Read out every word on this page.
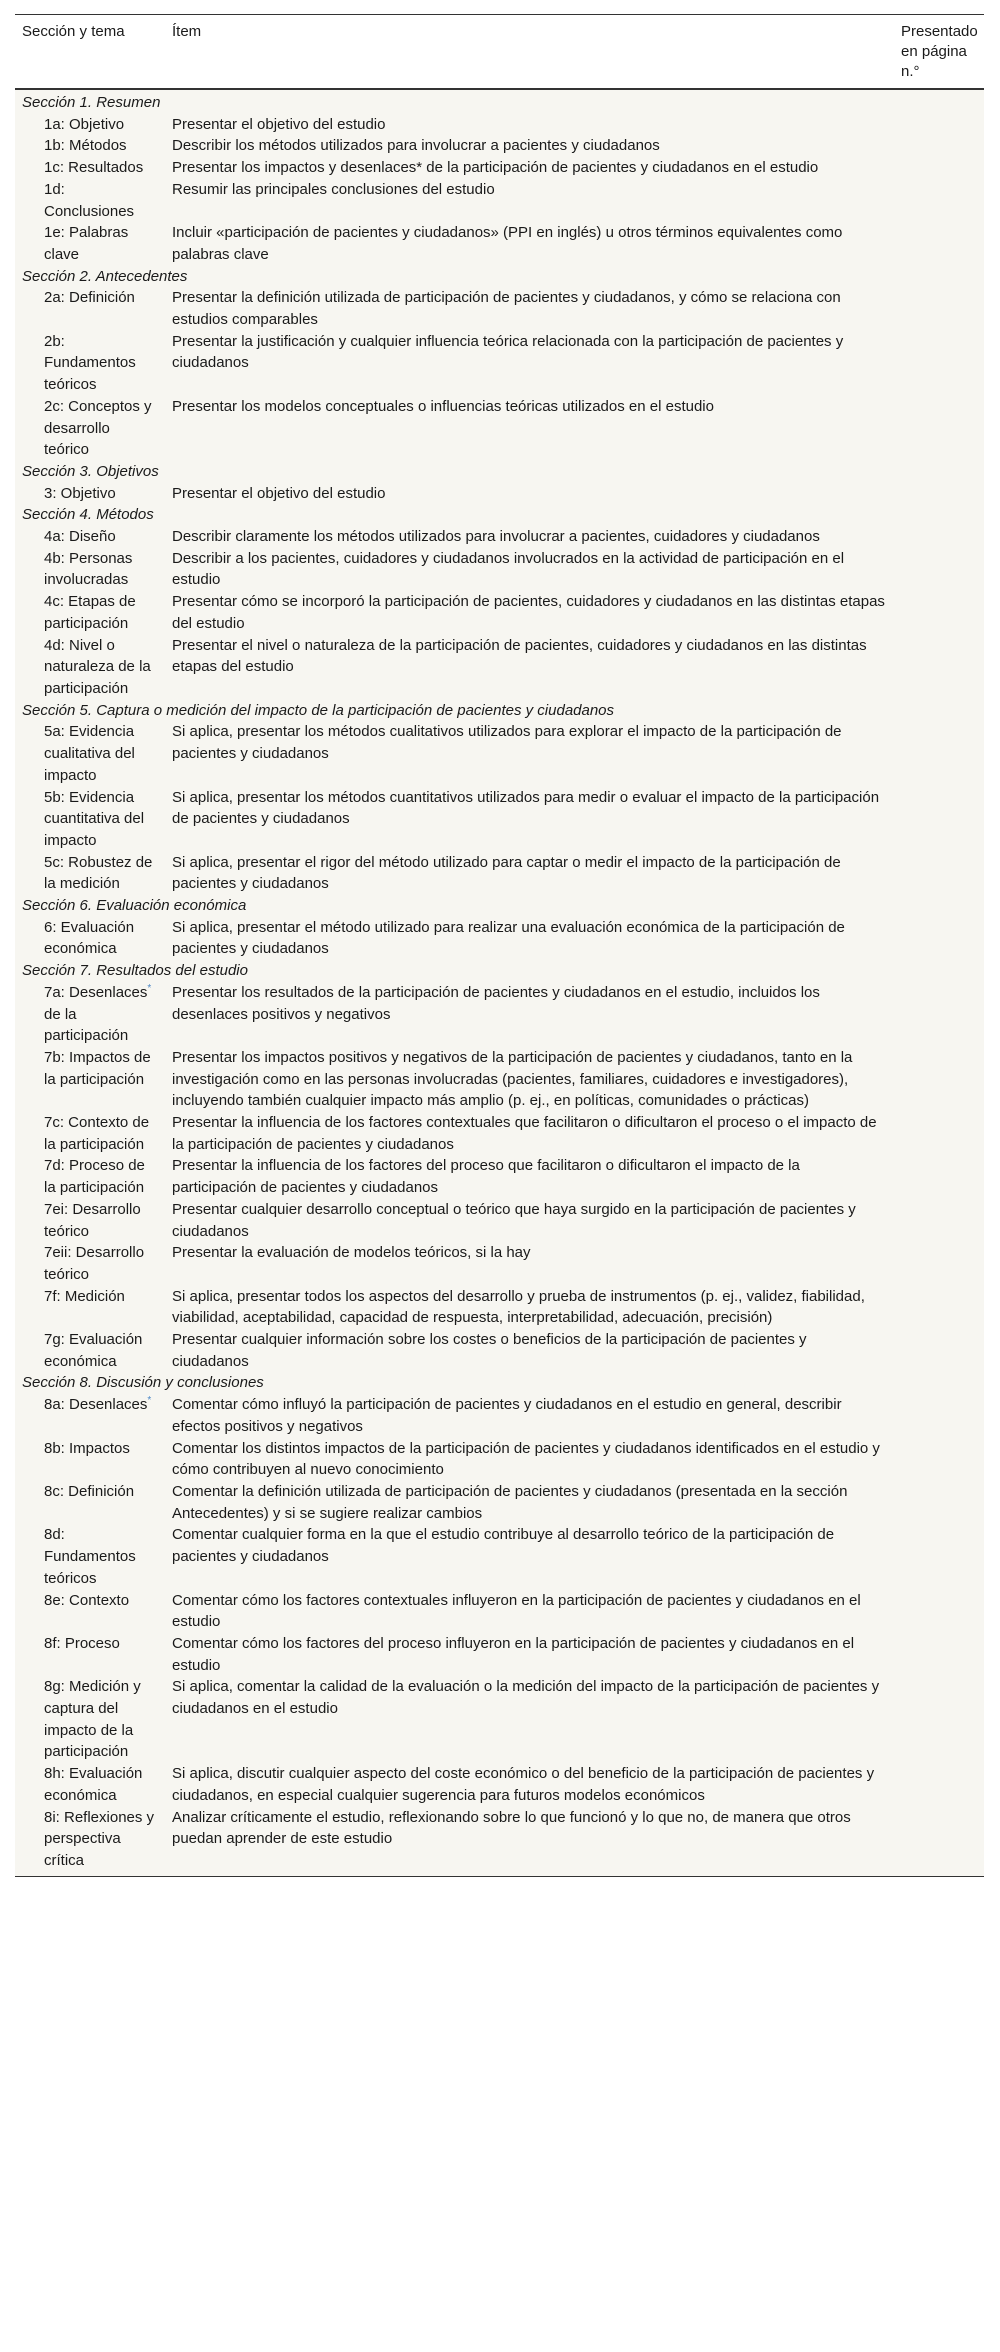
Sección y tema	Ítem	Presentado en página n.°
Sección 1. Resumen		
1a: Objetivo	Presentar el objetivo del estudio	
1b: Métodos	Describir los métodos utilizados para involucrar a pacientes y ciudadanos	
1c: Resultados	Presentar los impactos y desenlaces* de la participación de pacientes y ciudadanos en el estudio	
1d: Conclusiones	Resumir las principales conclusiones del estudio	
1e: Palabras clave	Incluir «participación de pacientes y ciudadanos» (PPI en inglés) u otros términos equivalentes como palabras clave	
Sección 2. Antecedentes		
2a: Definición	Presentar la definición utilizada de participación de pacientes y ciudadanos, y cómo se relaciona con estudios comparables	
2b: Fundamentos teóricos	Presentar la justificación y cualquier influencia teórica relacionada con la participación de pacientes y ciudadanos	
2c: Conceptos y desarrollo teórico	Presentar los modelos conceptuales o influencias teóricas utilizados en el estudio	
Sección 3. Objetivos		
3: Objetivo	Presentar el objetivo del estudio	
Sección 4. Métodos		
4a: Diseño	Describir claramente los métodos utilizados para involucrar a pacientes, cuidadores y ciudadanos	
4b: Personas involucradas	Describir a los pacientes, cuidadores y ciudadanos involucrados en la actividad de participación en el estudio	
4c: Etapas de participación	Presentar cómo se incorporó la participación de pacientes, cuidadores y ciudadanos en las distintas etapas del estudio	
4d: Nivel o naturaleza de la participación	Presentar el nivel o naturaleza de la participación de pacientes, cuidadores y ciudadanos en las distintas etapas del estudio	
Sección 5. Captura o medición del impacto de la participación de pacientes y ciudadanos		
5a: Evidencia cualitativa del impacto	Si aplica, presentar los métodos cualitativos utilizados para explorar el impacto de la participación de pacientes y ciudadanos	
5b: Evidencia cuantitativa del impacto	Si aplica, presentar los métodos cuantitativos utilizados para medir o evaluar el impacto de la participación de pacientes y ciudadanos	
5c: Robustez de la medición	Si aplica, presentar el rigor del método utilizado para captar o medir el impacto de la participación de pacientes y ciudadanos	
Sección 6. Evaluación económica		
6: Evaluación económica	Si aplica, presentar el método utilizado para realizar una evaluación económica de la participación de pacientes y ciudadanos	
Sección 7. Resultados del estudio		
7a: Desenlaces* de la participación	Presentar los resultados de la participación de pacientes y ciudadanos en el estudio, incluidos los desenlaces positivos y negativos	
7b: Impactos de la participación	Presentar los impactos positivos y negativos de la participación de pacientes y ciudadanos, tanto en la investigación como en las personas involucradas (pacientes, familiares, cuidadores e investigadores), incluyendo también cualquier impacto más amplio (p. ej., en políticas, comunidades o prácticas)	
7c: Contexto de la participación	Presentar la influencia de los factores contextuales que facilitaron o dificultaron el proceso o el impacto de la participación de pacientes y ciudadanos	
7d: Proceso de la participación	Presentar la influencia de los factores del proceso que facilitaron o dificultaron el impacto de la participación de pacientes y ciudadanos	
7ei: Desarrollo teórico	Presentar cualquier desarrollo conceptual o teórico que haya surgido en la participación de pacientes y ciudadanos	
7eii: Desarrollo teórico	Presentar la evaluación de modelos teóricos, si la hay	
7f: Medición	Si aplica, presentar todos los aspectos del desarrollo y prueba de instrumentos (p. ej., validez, fiabilidad, viabilidad, aceptabilidad, capacidad de respuesta, interpretabilidad, adecuación, precisión)	
7g: Evaluación económica	Presentar cualquier información sobre los costes o beneficios de la participación de pacientes y ciudadanos	
Sección 8. Discusión y conclusiones		
8a: Desenlaces*	Comentar cómo influyó la participación de pacientes y ciudadanos en el estudio en general, describir efectos positivos y negativos	
8b: Impactos	Comentar los distintos impactos de la participación de pacientes y ciudadanos identificados en el estudio y cómo contribuyen al nuevo conocimiento	
8c: Definición	Comentar la definición utilizada de participación de pacientes y ciudadanos (presentada en la sección Antecedentes) y si se sugiere realizar cambios	
8d: Fundamentos teóricos	Comentar cualquier forma en la que el estudio contribuye al desarrollo teórico de la participación de pacientes y ciudadanos	
8e: Contexto	Comentar cómo los factores contextuales influyeron en la participación de pacientes y ciudadanos en el estudio	
8f: Proceso	Comentar cómo los factores del proceso influyeron en la participación de pacientes y ciudadanos en el estudio	
8g: Medición y captura del impacto de la participación	Si aplica, comentar la calidad de la evaluación o la medición del impacto de la participación de pacientes y ciudadanos en el estudio	
8h: Evaluación económica	Si aplica, discutir cualquier aspecto del coste económico o del beneficio de la participación de pacientes y ciudadanos, en especial cualquier sugerencia para futuros modelos económicos	
8i: Reflexiones y perspectiva crítica	Analizar críticamente el estudio, reflexionando sobre lo que funcionó y lo que no, de manera que otros puedan aprender de este estudio	
